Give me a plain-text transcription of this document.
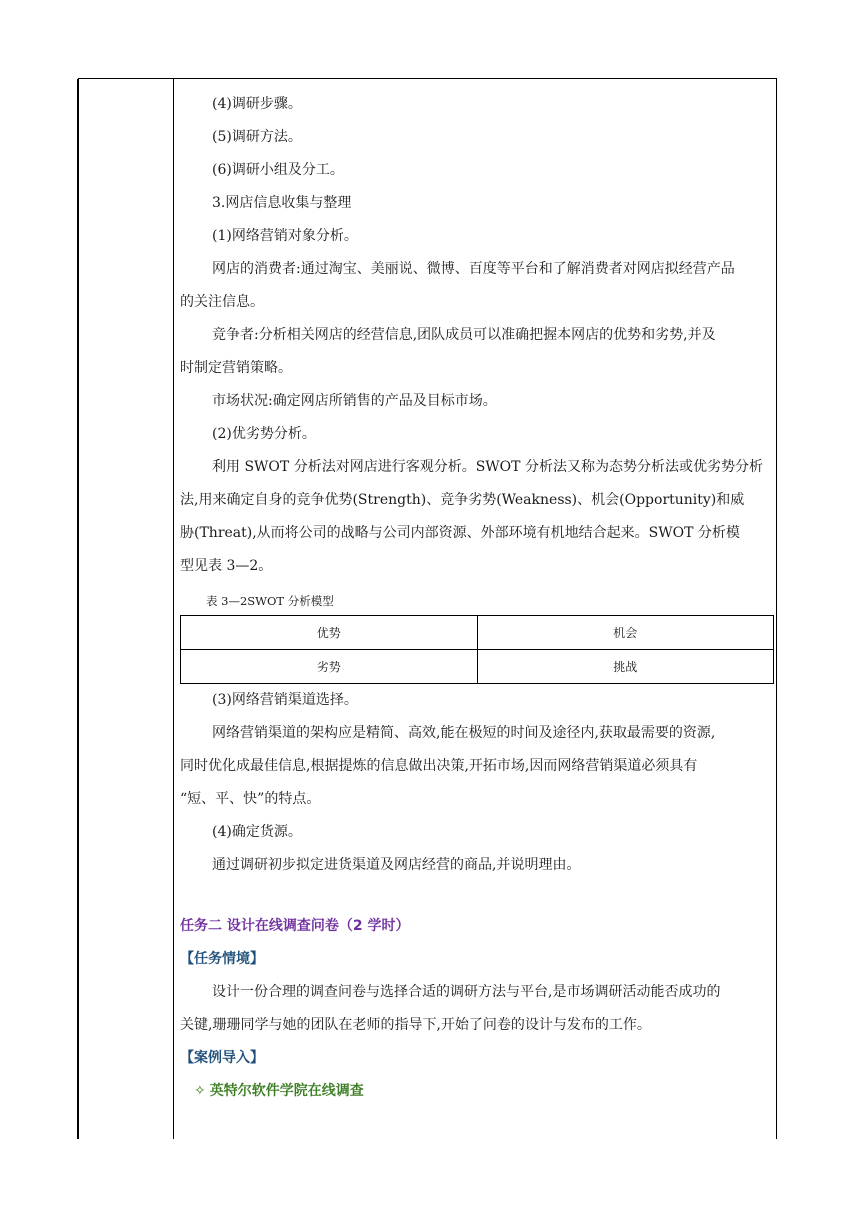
(4)调研步骤。

(5)调研方法。

(6)调研小组及分工。

3.网店信息收集与整理

(1)网络营销对象分析。

网店的消费者:通过淘宝、美丽说、微博、百度等平台和了解消费者对网店拟经营产品

的关注信息。

竞争者:分析相关网店的经营信息,团队成员可以准确把握本网店的优势和劣势,并及

时制定营销策略。

市场状况:确定网店所销售的产品及目标市场。

(2)优劣势分析。

利用 SWOT 分析法对网店进行客观分析。SWOT 分析法又称为态势分析法或优劣势分析

法,用来确定自身的竞争优势(Strength)、竞争劣势(Weakness)、机会(Opportunity)和威

胁(Threat),从而将公司的战略与公司内部资源、外部环境有机地结合起来。SWOT 分析模

型见表 3—2。

表 3—2SWOT 分析模型

优势	机会
劣势	挑战

(3)网络营销渠道选择。

网络营销渠道的架构应是精简、高效,能在极短的时间及途径内,获取最需要的资源,

同时优化成最佳信息,根据提炼的信息做出决策,开拓市场,因而网络营销渠道必须具有

“短、平、快”的特点。

(4)确定货源。

通过调研初步拟定进货渠道及网店经营的商品,并说明理由。

任务二 设计在线调查问卷（2 学时）

【任务情境】

设计一份合理的调查问卷与选择合适的调研方法与平台,是市场调研活动能否成功的

关键,珊珊同学与她的团队在老师的指导下,开始了问卷的设计与发布的工作。

【案例导入】

✧ 英特尔软件学院在线调查
